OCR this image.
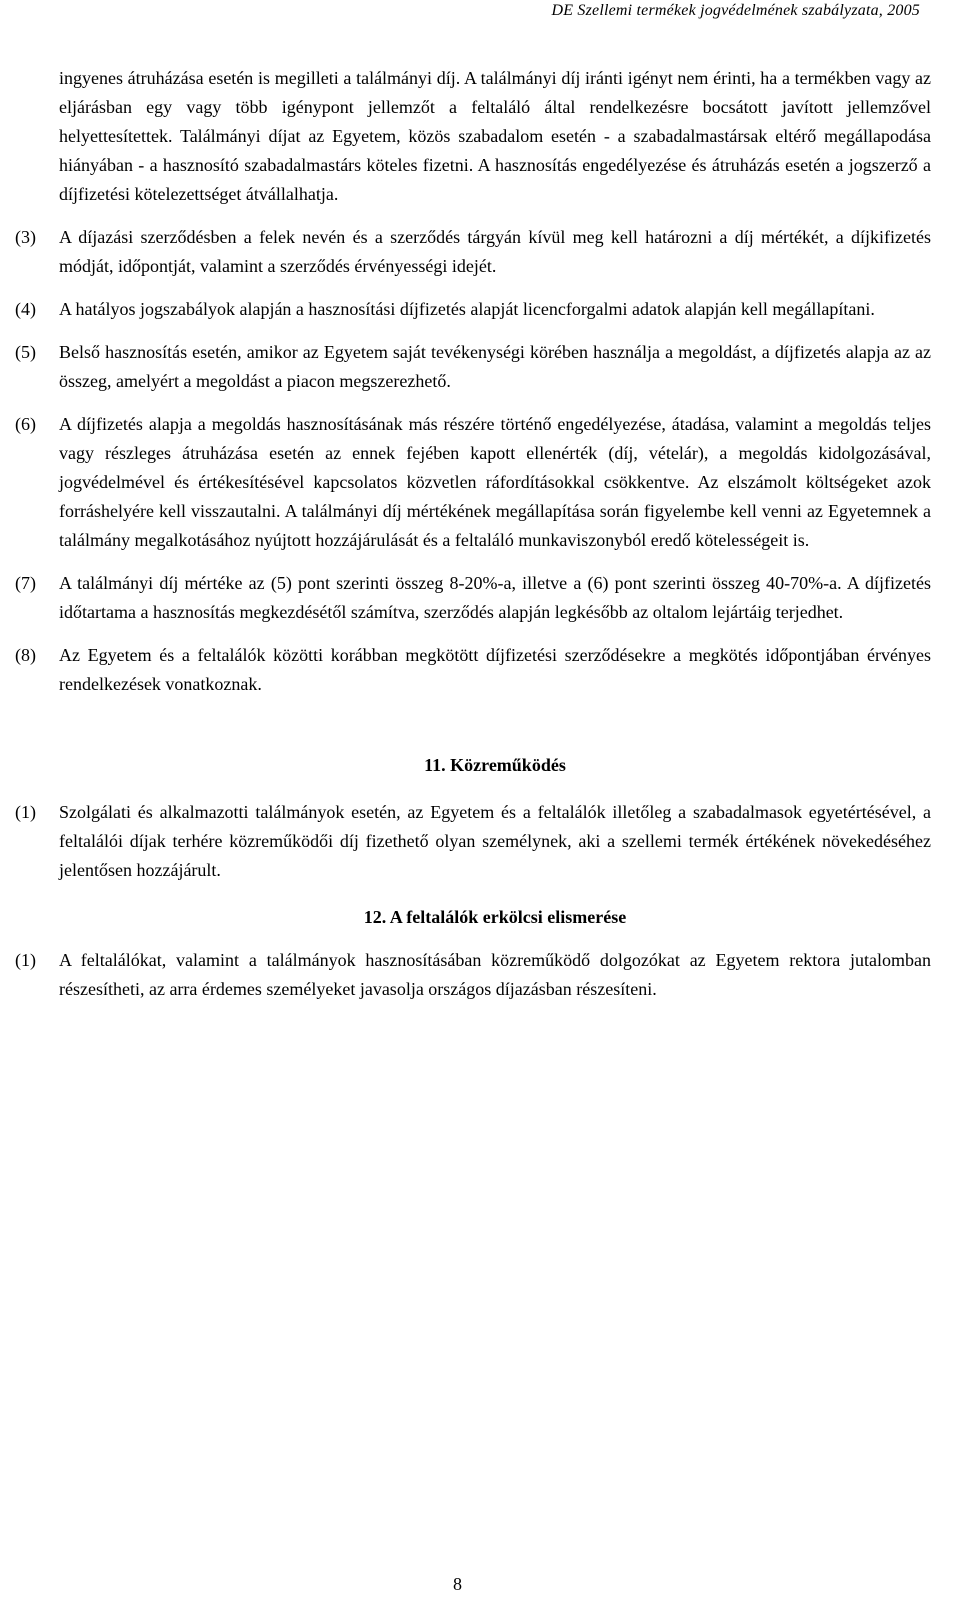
DE Szellemi termékek jogvédelmének szabályzata, 2005
ingyenes átruházása esetén is megilleti a találmányi díj. A találmányi díj iránti igényt nem érinti, ha a termékben vagy az eljárásban egy vagy több igénypont jellemzőt a feltaláló által rendelkezésre bocsátott javított jellemzővel helyettesítettek. Találmányi díjat az Egyetem, közös szabadalom esetén - a szabadalmastársak eltérő megállapodása hiányában - a hasznosító szabadalmastárs köteles fizetni. A hasznosítás engedélyezése és átruházás esetén a jogszerző a díjfizetési kötelezettséget átvállalhatja.
(3)	A díjazási szerződésben a felek nevén és a szerződés tárgyán kívül meg kell határozni a díj mértékét, a díjkifizetés módját, időpontját, valamint a szerződés érvényességi idejét.
(4)	A hatályos jogszabályok alapján a hasznosítási díjfizetés alapját licencforgalmi adatok alapján kell megállapítani.
(5)	Belső hasznosítás esetén, amikor az Egyetem saját tevékenységi körében használja a megoldást, a díjfizetés alapja az az összeg, amelyért a megoldást a piacon megszerezhető.
(6)	A díjfizetés alapja a megoldás hasznosításának más részére történő engedélyezése, átadása, valamint a megoldás teljes vagy részleges átruházása esetén az ennek fejében kapott ellenérték (díj, vételár), a megoldás kidolgozásával, jogvédelmével és értékesítésével kapcsolatos közvetlen ráfordításokkal csökkentve. Az elszámolt költségeket azok forráshelyére kell visszautalni. A találmányi díj mértékének megállapítása során figyelembe kell venni az Egyetemnek a találmány megalkotásához nyújtott hozzájárulását és a feltaláló munkaviszonyból eredő kötelességeit is.
(7)	A találmányi díj mértéke az (5) pont szerinti összeg 8-20%-a, illetve a (6) pont szerinti összeg 40-70%-a. A díjfizetés időtartama a hasznosítás megkezdésétől számítva, szerződés alapján legkésőbb az oltalom lejártáig terjedhet.
(8)	Az Egyetem és a feltalálók közötti korábban megkötött díjfizetési szerződésekre a megkötés időpontjában érvényes rendelkezések vonatkoznak.
11. Közreműködés
(1)	Szolgálati és alkalmazotti találmányok esetén, az Egyetem és a feltalálók illetőleg a szabadalmasok egyetértésével, a feltalálói díjak terhére közreműködői díj fizethető olyan személynek, aki a szellemi termék értékének növekedéséhez jelentősen hozzájárult.
12. A feltalálók erkölcsi elismerése
(1)	A feltalálókat, valamint a találmányok hasznosításában közreműködő dolgozókat az Egyetem rektora jutalomban részesítheti, az arra érdemes személyeket javasolja országos díjazásban részesíteni.
8
